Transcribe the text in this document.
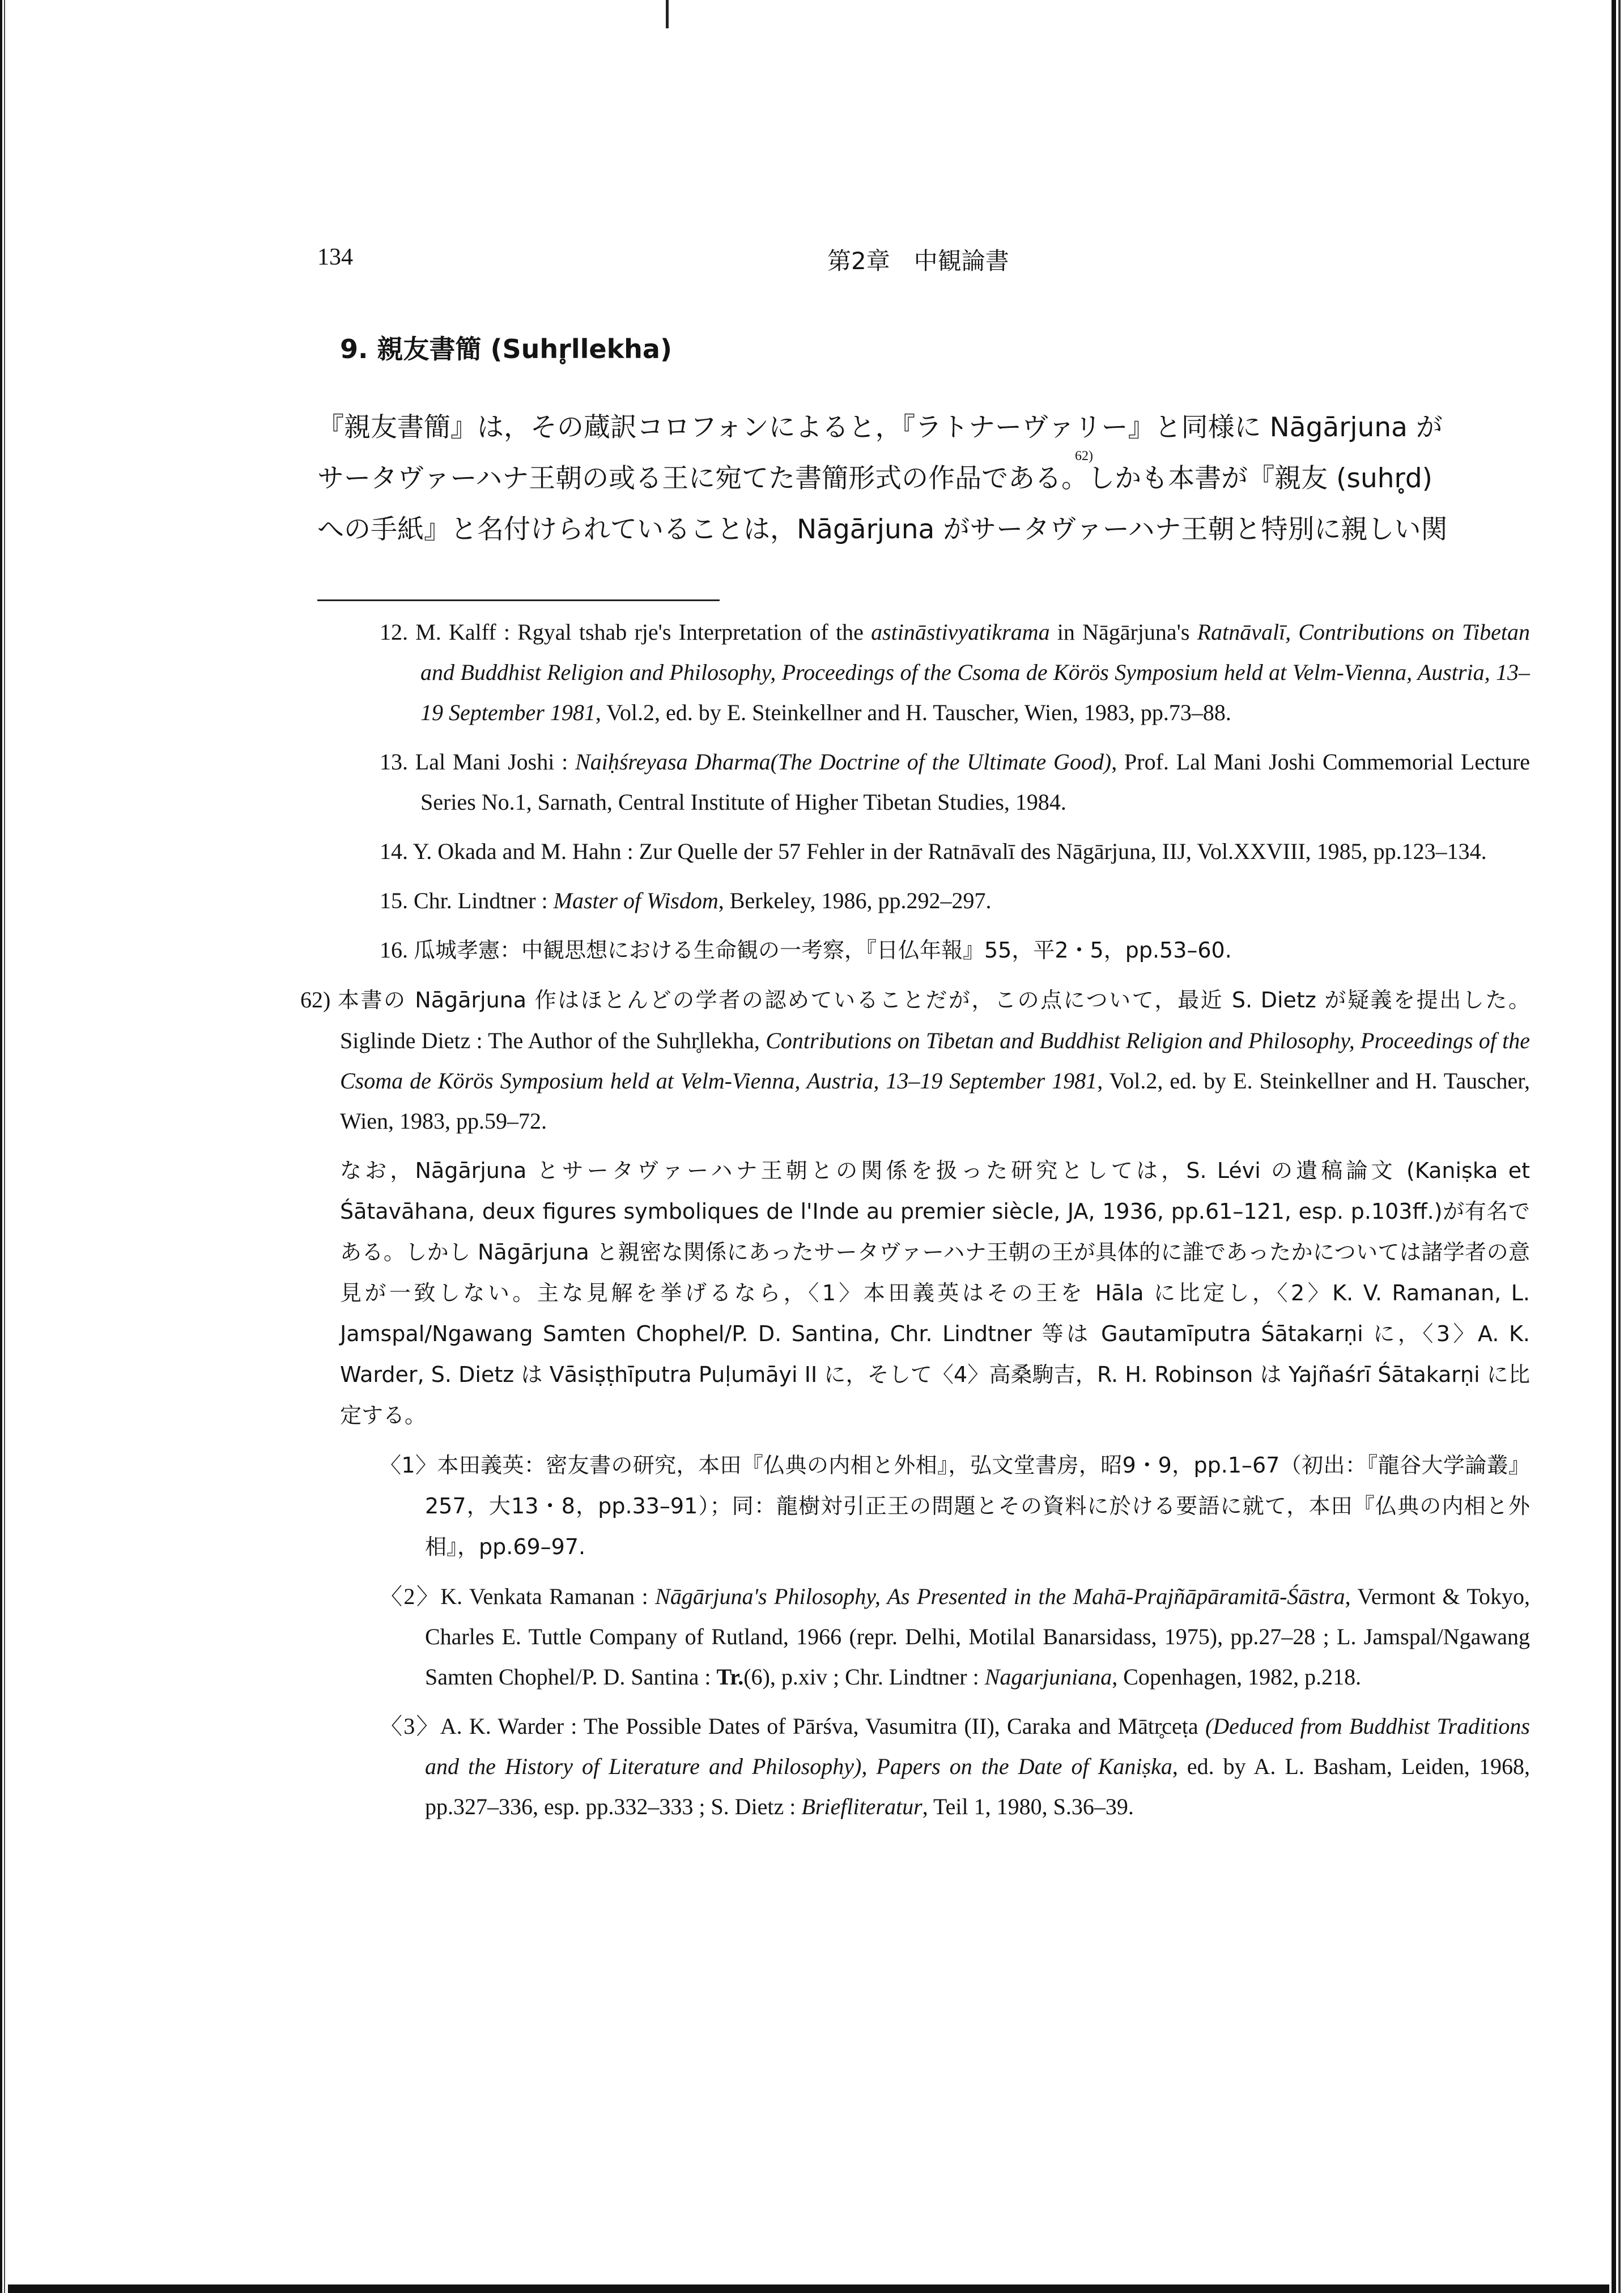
134	第2章　中観論書
9. 親友書簡 (Suhr̥llekha)
『親友書簡』は，その蔵訳コロフォンによると，『ラトナーヴァリー』と同様に Nāgārjuna が
サータヴァーハナ王朝の或る王に宛てた書簡形式の作品である。しかも本書が『親友 (suhr̥d)
62)
への手紙』と名付けられていることは，Nāgārjuna がサータヴァーハナ王朝と特別に親しい関

12. M. Kalff : Rgyal tshab rje's Interpretation of the astināstivyatikrama in Nāgārjuna's Ratnāvalī, Contributions on Tibetan and Buddhist Religion and Philosophy, Proceedings of the Csoma de Körös Symposium held at Velm-Vienna, Austria, 13–19 September 1981, Vol.2, ed. by E. Steinkellner and H. Tauscher, Wien, 1983, pp.73–88.

13. Lal Mani Joshi : Naiḥśreyasa Dharma(The Doctrine of the Ultimate Good), Prof. Lal Mani Joshi Commemorial Lecture Series No.1, Sarnath, Central Institute of Higher Tibetan Studies, 1984.

14. Y. Okada and M. Hahn : Zur Quelle der 57 Fehler in der Ratnāvalī des Nāgārjuna, IIJ, Vol.XXVIII, 1985, pp.123–134.

15. Chr. Lindtner : Master of Wisdom, Berkeley, 1986, pp.292–297.

16. 瓜城孝憲：中観思想における生命観の一考察，『日仏年報』55，平2・5，pp.53–60.

62) 本書の Nāgārjuna 作はほとんどの学者の認めていることだが，この点について，最近 S. Dietz が疑義を提出した。Siglinde Dietz : The Author of the Suhr̥llekha, Contributions on Tibetan and Buddhist Religion and Philosophy, Proceedings of the Csoma de Körös Symposium held at Velm-Vienna, Austria, 13–19 September 1981, Vol.2, ed. by E. Steinkellner and H. Tauscher, Wien, 1983, pp.59–72.

なお，Nāgārjuna とサータヴァーハナ王朝との関係を扱った研究としては，S. Lévi の遺稿論文 (Kaniṣka et Śātavāhana, deux figures symboliques de l'Inde au premier siècle, JA, 1936, pp.61–121, esp. p.103ff.)が有名である。しかし Nāgārjuna と親密な関係にあったサータヴァーハナ王朝の王が具体的に誰であったかについては諸学者の意見が一致しない。主な見解を挙げるなら，〈1〉本田義英はその王を Hāla に比定し，〈2〉K. V. Ramanan, L. Jamspal/Ngawang Samten Chophel/P. D. Santina, Chr. Lindtner 等は Gautamīputra Śātakarṇi に，〈3〉A. K. Warder, S. Dietz は Vāsiṣṭhīputra Puḷumāyi II に，そして〈4〉高桑駒吉，R. H. Robinson は Yajñaśrī Śātakarṇi に比定する。

〈1〉本田義英：密友書の研究，本田『仏典の内相と外相』，弘文堂書房，昭9・9，pp.1–67（初出：『龍谷大学論叢』257，大13・8，pp.33–91）；同：龍樹対引正王の問題とその資料に於ける要語に就て，本田『仏典の内相と外相』，pp.69–97.

〈2〉K. Venkata Ramanan : Nāgārjuna's Philosophy, As Presented in the Mahā-Prajñāpāramitā-Śāstra, Vermont & Tokyo, Charles E. Tuttle Company of Rutland, 1966 (repr. Delhi, Motilal Banarsidass, 1975), pp.27–28 ; L. Jamspal/Ngawang Samten Chophel/P. D. Santina : Tr.(6), p.xiv ; Chr. Lindtner : Nagarjuniana, Copenhagen, 1982, p.218.

〈3〉A. K. Warder : The Possible Dates of Pārśva, Vasumitra (II), Caraka and Mātr̥ceṭa (Deduced from Buddhist Traditions and the History of Literature and Philosophy), Papers on the Date of Kaniṣka, ed. by A. L. Basham, Leiden, 1968, pp.327–336, esp. pp.332–333 ; S. Dietz : Briefliteratur, Teil 1, 1980, S.36–39.
